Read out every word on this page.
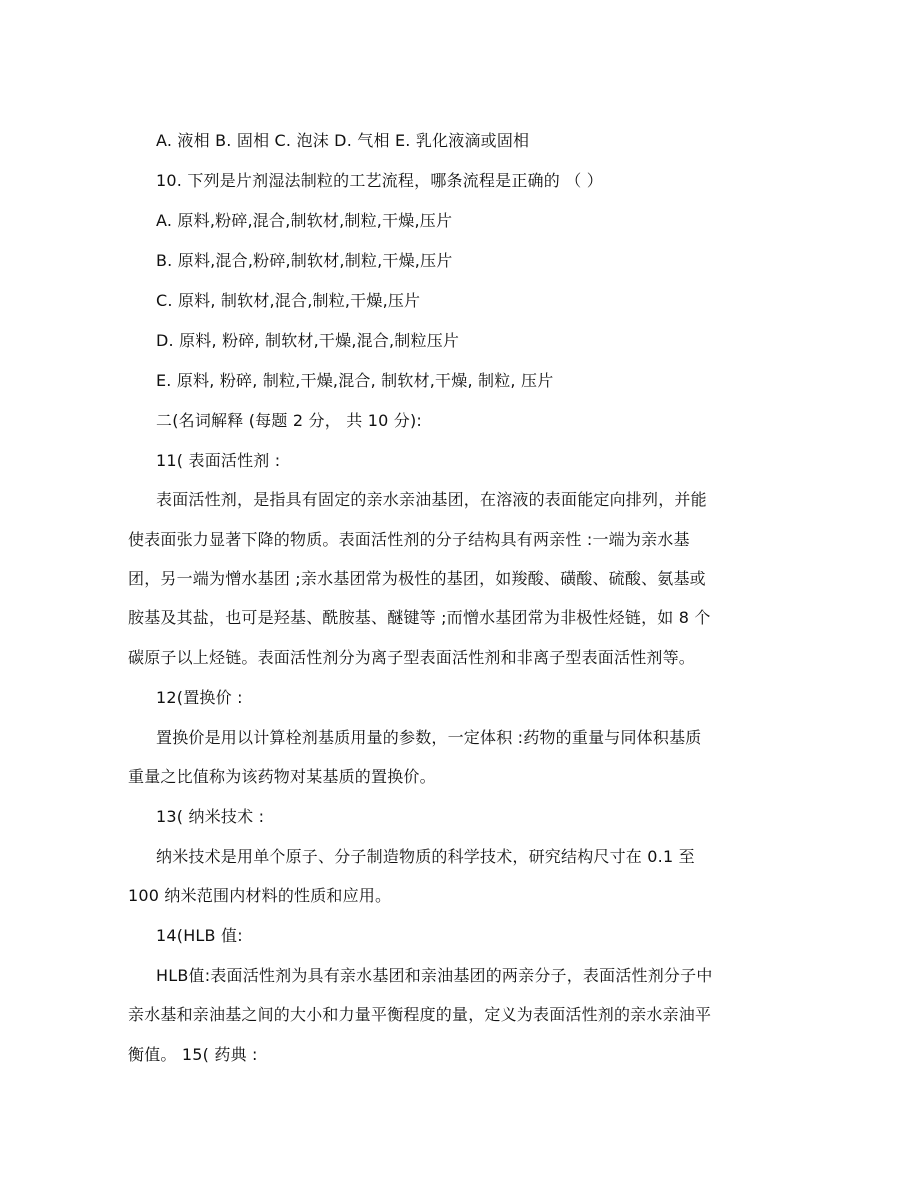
A. 液相 B. 固相 C. 泡沫 D. 气相 E. 乳化液滴或固相
10. 下列是片剂湿法制粒的工艺流程，哪条流程是正确的 （ ）
A. 原料,粉碎,混合,制软材,制粒,干燥,压片
B. 原料,混合,粉碎,制软材,制粒,干燥,压片
C. 原料, 制软材,混合,制粒,干燥,压片
D. 原料, 粉碎, 制软材,干燥,混合,制粒压片
E. 原料, 粉碎, 制粒,干燥,混合, 制软材,干燥, 制粒, 压片
二(名词解释 (每题 2 分， 共 10 分):
11( 表面活性剂 :
表面活性剂，是指具有固定的亲水亲油基团，在溶液的表面能定向排列，并能
使表面张力显著下降的物质。表面活性剂的分子结构具有两亲性 :一端为亲水基
团，另一端为憎水基团 ;亲水基团常为极性的基团，如羧酸、磺酸、硫酸、氨基或
胺基及其盐，也可是羟基、酰胺基、醚键等 ;而憎水基团常为非极性烃链，如 8 个
碳原子以上烃链。表面活性剂分为离子型表面活性剂和非离子型表面活性剂等。
12(置换价 :
置换价是用以计算栓剂基质用量的参数，一定体积 :药物的重量与同体积基质
重量之比值称为该药物对某基质的置换价。
13( 纳米技术 :
纳米技术是用单个原子、分子制造物质的科学技术，研究结构尺寸在 0.1 至
100 纳米范围内材料的性质和应用。
14(HLB 值:
HLB值:表面活性剂为具有亲水基团和亲油基团的两亲分子，表面活性剂分子中
亲水基和亲油基之间的大小和力量平衡程度的量，定义为表面活性剂的亲水亲油平
衡值。 15( 药典 :
